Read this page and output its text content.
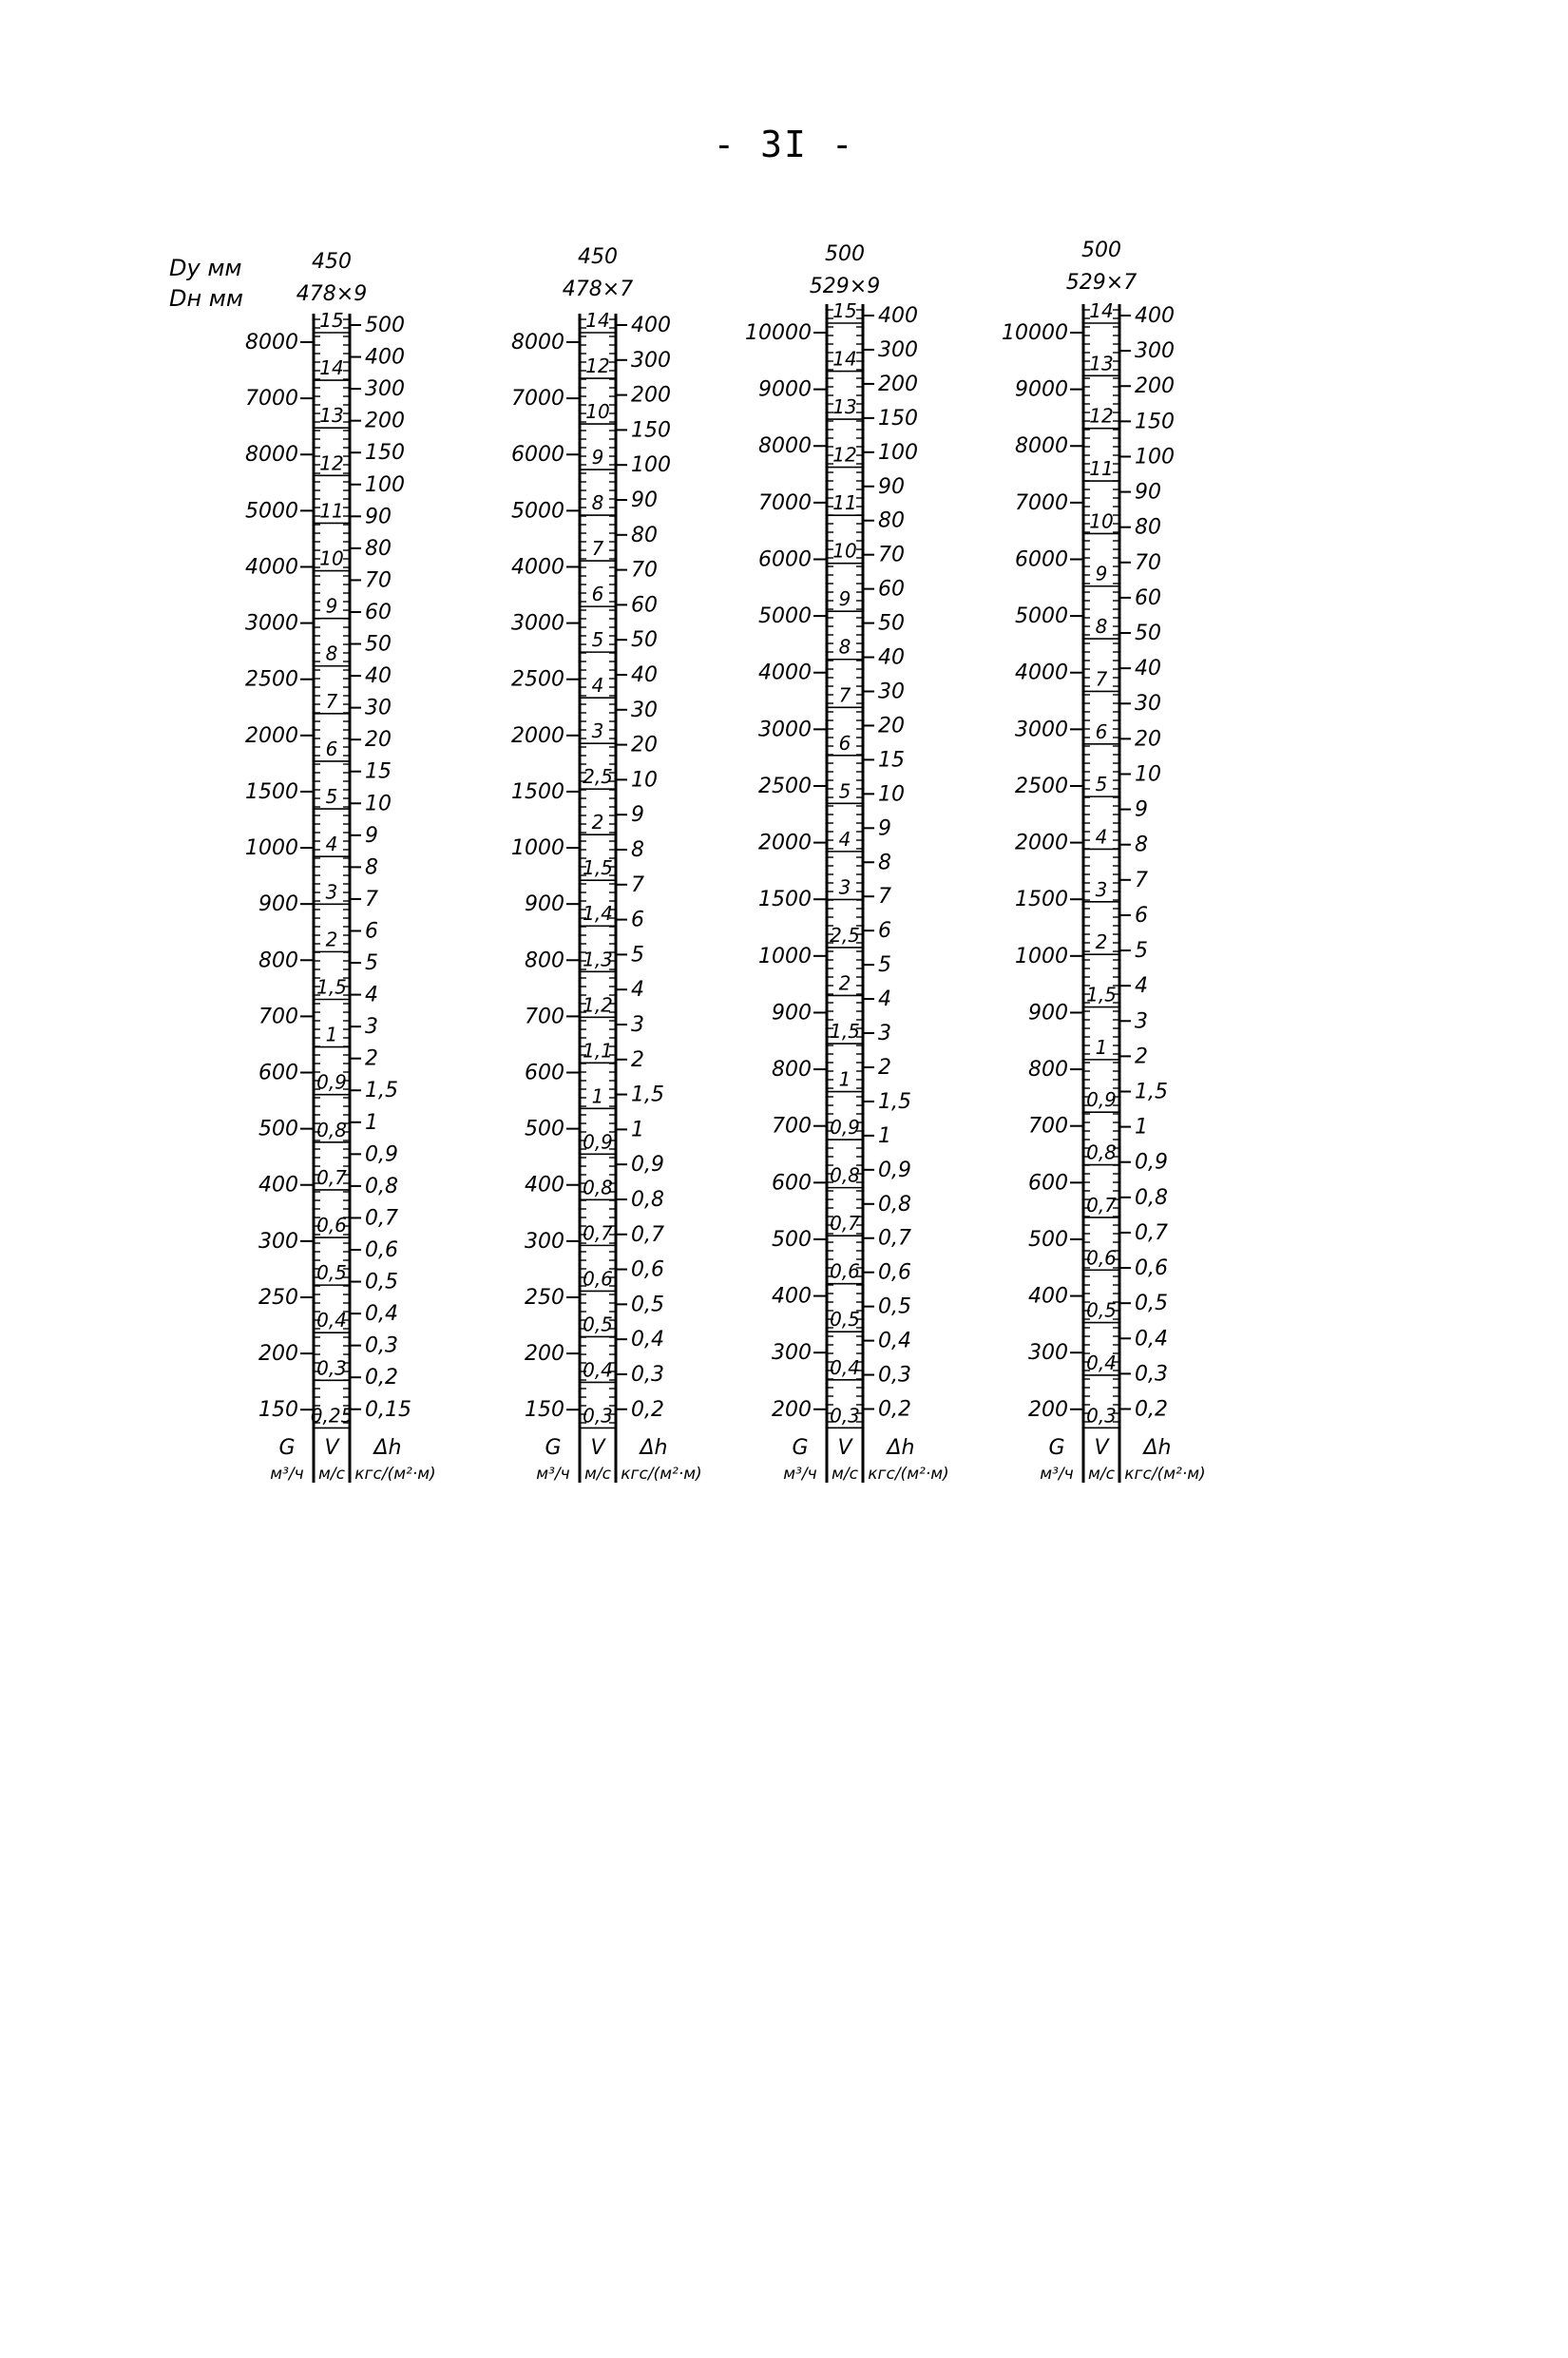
- 3I -
Dу мм
Dн мм
450
478×9
8000
7000
8000
5000
4000
3000
2500
2000
1500
1000
900
800
700
600
500
400
300
250
200
150
15
14
13
12
11
10
9
8
7
6
5
4
3
2
1,5
1
0,9
0,8
0,7
0,6
0,5
0,4
0,3
0,25
500
400
300
200
150
100
90
80
70
60
50
40
30
20
15
10
9
8
7
6
5
4
3
2
1,5
1
0,9
0,8
0,7
0,6
0,5
0,4
0,3
0,2
0,15
G
м³/ч
V
м/с
Δh
кгс/(м²·м)
450
478×7
8000
7000
6000
5000
4000
3000
2500
2000
1500
1000
900
800
700
600
500
400
300
250
200
150
14
12
10
9
8
7
6
5
4
3
2,5
2
1,5
1,4
1,3
1,2
1,1
1
0,9
0,8
0,7
0,6
0,5
0,4
0,3
400
300
200
150
100
90
80
70
60
50
40
30
20
10
9
8
7
6
5
4
3
2
1,5
1
0,9
0,8
0,7
0,6
0,5
0,4
0,3
0,2
G
м³/ч
V
м/с
Δh
кгс/(м²·м)
500
529×9
10000
9000
8000
7000
6000
5000
4000
3000
2500
2000
1500
1000
900
800
700
600
500
400
300
200
15
14
13
12
11
10
9
8
7
6
5
4
3
2,5
2
1,5
1
0,9
0,8
0,7
0,6
0,5
0,4
0,3
400
300
200
150
100
90
80
70
60
50
40
30
20
15
10
9
8
7
6
5
4
3
2
1,5
1
0,9
0,8
0,7
0,6
0,5
0,4
0,3
0,2
G
м³/ч
V
м/с
Δh
кгс/(м²·м)
500
529×7
10000
9000
8000
7000
6000
5000
4000
3000
2500
2000
1500
1000
900
800
700
600
500
400
300
200
14
13
12
11
10
9
8
7
6
5
4
3
2
1,5
1
0,9
0,8
0,7
0,6
0,5
0,4
0,3
400
300
200
150
100
90
80
70
60
50
40
30
20
10
9
8
7
6
5
4
3
2
1,5
1
0,9
0,8
0,7
0,6
0,5
0,4
0,3
0,2
G
м³/ч
V
м/с
Δh
кгс/(м²·м)
